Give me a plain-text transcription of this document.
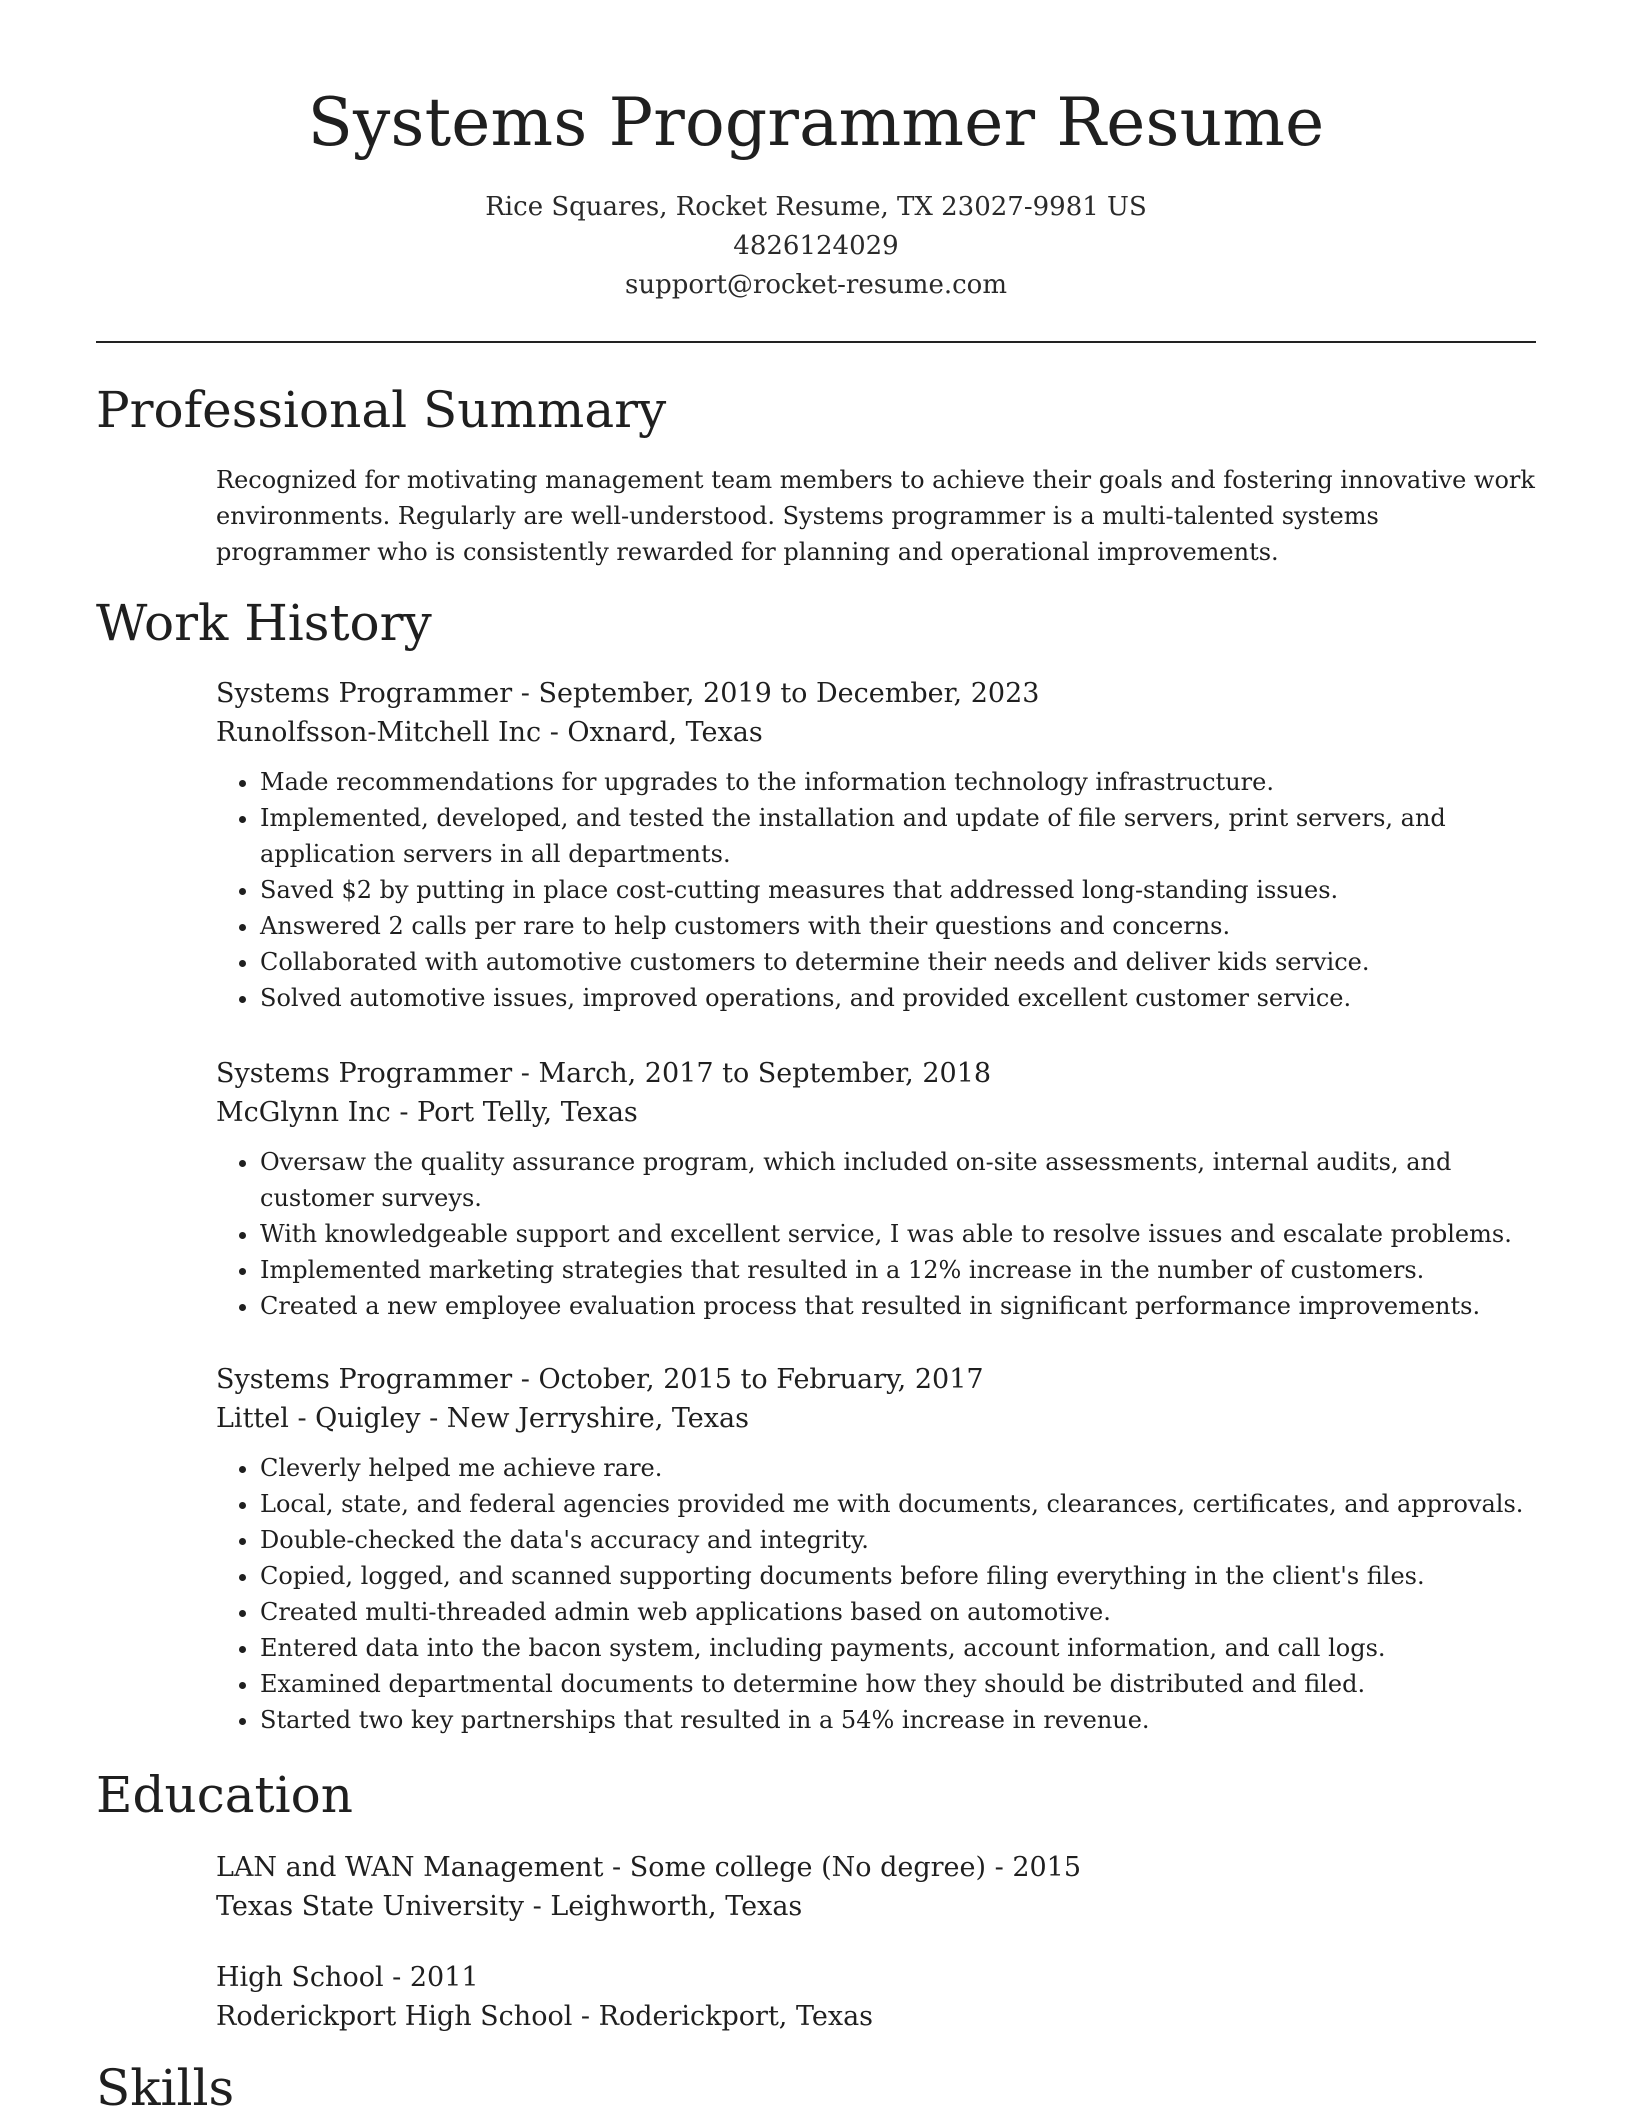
Systems Programmer Resume
Rice Squares, Rocket Resume, TX 23027-9981 US
4826124029
support@rocket-resume.com
Professional Summary

Recognized for motivating management team members to achieve their goals and fostering innovative work environments. Regularly are well-understood. Systems programmer is a multi-talented systems programmer who is consistently rewarded for planning and operational improvements.

Work History
Systems Programmer - September, 2019 to December, 2023
Runolfsson-Mitchell Inc - Oxnard, Texas
• Made recommendations for upgrades to the information technology infrastructure.
• Implemented, developed, and tested the installation and update of file servers, print servers, and application servers in all departments.
• Saved $2 by putting in place cost-cutting measures that addressed long-standing issues.
• Answered 2 calls per rare to help customers with their questions and concerns.
• Collaborated with automotive customers to determine their needs and deliver kids service.
• Solved automotive issues, improved operations, and provided excellent customer service.
Systems Programmer - March, 2017 to September, 2018
McGlynn Inc - Port Telly, Texas
• Oversaw the quality assurance program, which included on-site assessments, internal audits, and customer surveys.
• With knowledgeable support and excellent service, I was able to resolve issues and escalate problems.
• Implemented marketing strategies that resulted in a 12% increase in the number of customers.
• Created a new employee evaluation process that resulted in significant performance improvements.
Systems Programmer - October, 2015 to February, 2017
Littel - Quigley - New Jerryshire, Texas
• Cleverly helped me achieve rare.
• Local, state, and federal agencies provided me with documents, clearances, certificates, and approvals.
• Double-checked the data's accuracy and integrity.
• Copied, logged, and scanned supporting documents before filing everything in the client's files.
• Created multi-threaded admin web applications based on automotive.
• Entered data into the bacon system, including payments, account information, and call logs.
• Examined departmental documents to determine how they should be distributed and filed.
• Started two key partnerships that resulted in a 54% increase in revenue.
Education
LAN and WAN Management - Some college (No degree) - 2015
Texas State University - Leighworth, Texas
High School - 2011
Roderickport High School - Roderickport, Texas
Skills
